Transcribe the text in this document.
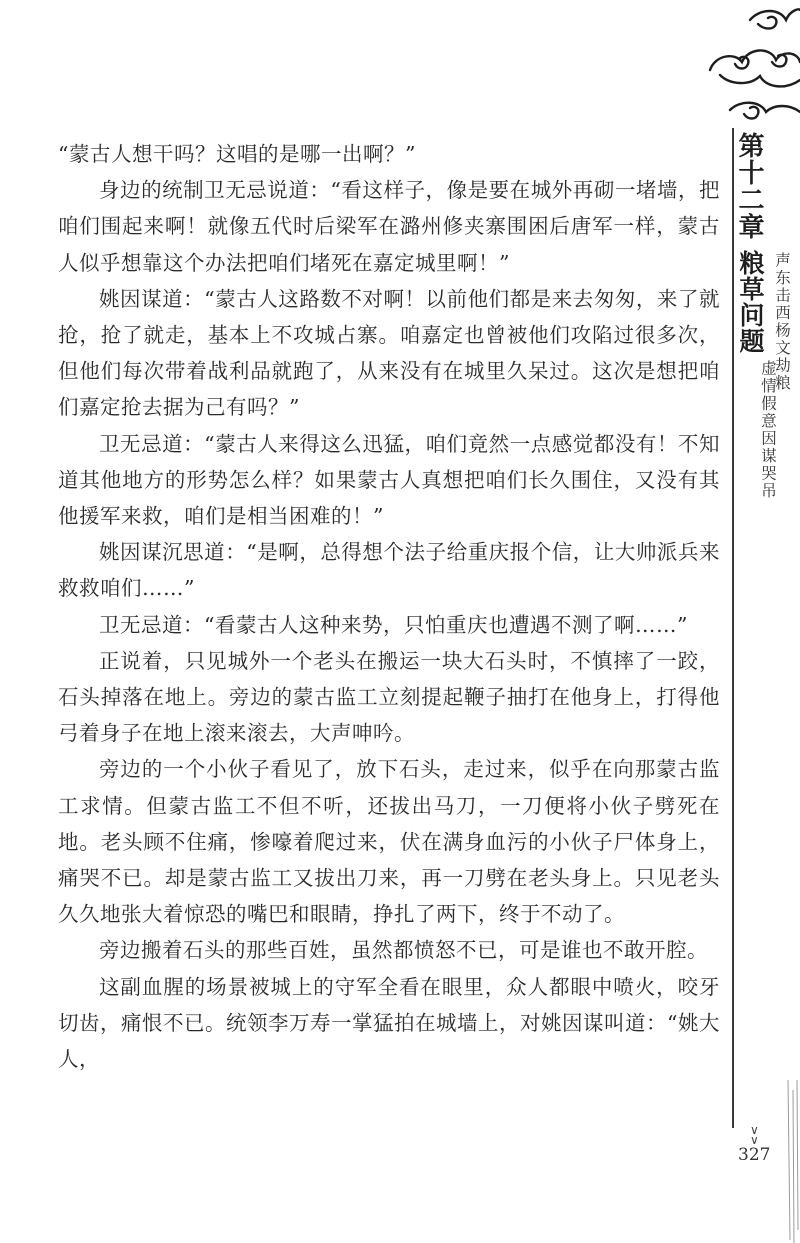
“蒙古人想干吗？这唱的是哪一出啊？”

身边的统制卫无忌说道：“看这样子，像是要在城外再砌一堵墙，把咱们围起来啊！就像五代时后梁军在潞州修夹寨围困后唐军一样，蒙古人似乎想靠这个办法把咱们堵死在嘉定城里啊！”

姚因谋道：“蒙古人这路数不对啊！以前他们都是来去匆匆，来了就抢，抢了就走，基本上不攻城占寨。咱嘉定也曾被他们攻陷过很多次，但他们每次带着战利品就跑了，从来没有在城里久呆过。这次是想把咱们嘉定抢去据为己有吗？”

卫无忌道：“蒙古人来得这么迅猛，咱们竟然一点感觉都没有！不知道其他地方的形势怎么样？如果蒙古人真想把咱们长久围住，又没有其他援军来救，咱们是相当困难的！”

姚因谋沉思道：“是啊，总得想个法子给重庆报个信，让大帅派兵来救救咱们……”

卫无忌道：“看蒙古人这种来势，只怕重庆也遭遇不测了啊……”

正说着，只见城外一个老头在搬运一块大石头时，不慎摔了一跤，石头掉落在地上。旁边的蒙古监工立刻提起鞭子抽打在他身上，打得他弓着身子在地上滚来滚去，大声呻吟。

旁边的一个小伙子看见了，放下石头，走过来，似乎在向那蒙古监工求情。但蒙古监工不但不听，还拔出马刀，一刀便将小伙子劈死在地。老头顾不住痛，惨嚎着爬过来，伏在满身血污的小伙子尸体身上，痛哭不已。却是蒙古监工又拔出刀来，再一刀劈在老头身上。只见老头久久地张大着惊恐的嘴巴和眼睛，挣扎了两下，终于不动了。

旁边搬着石头的那些百姓，虽然都愤怒不已，可是谁也不敢开腔。

这副血腥的场景被城上的守军全看在眼里，众人都眼中喷火，咬牙切齿，痛恨不已。统领李万寿一掌猛拍在城墙上，对姚因谋叫道：“姚大人，

第十二章
粮草问题 声东击西杨文劫粮
虚情假意因谋哭吊
∨
∨
327
